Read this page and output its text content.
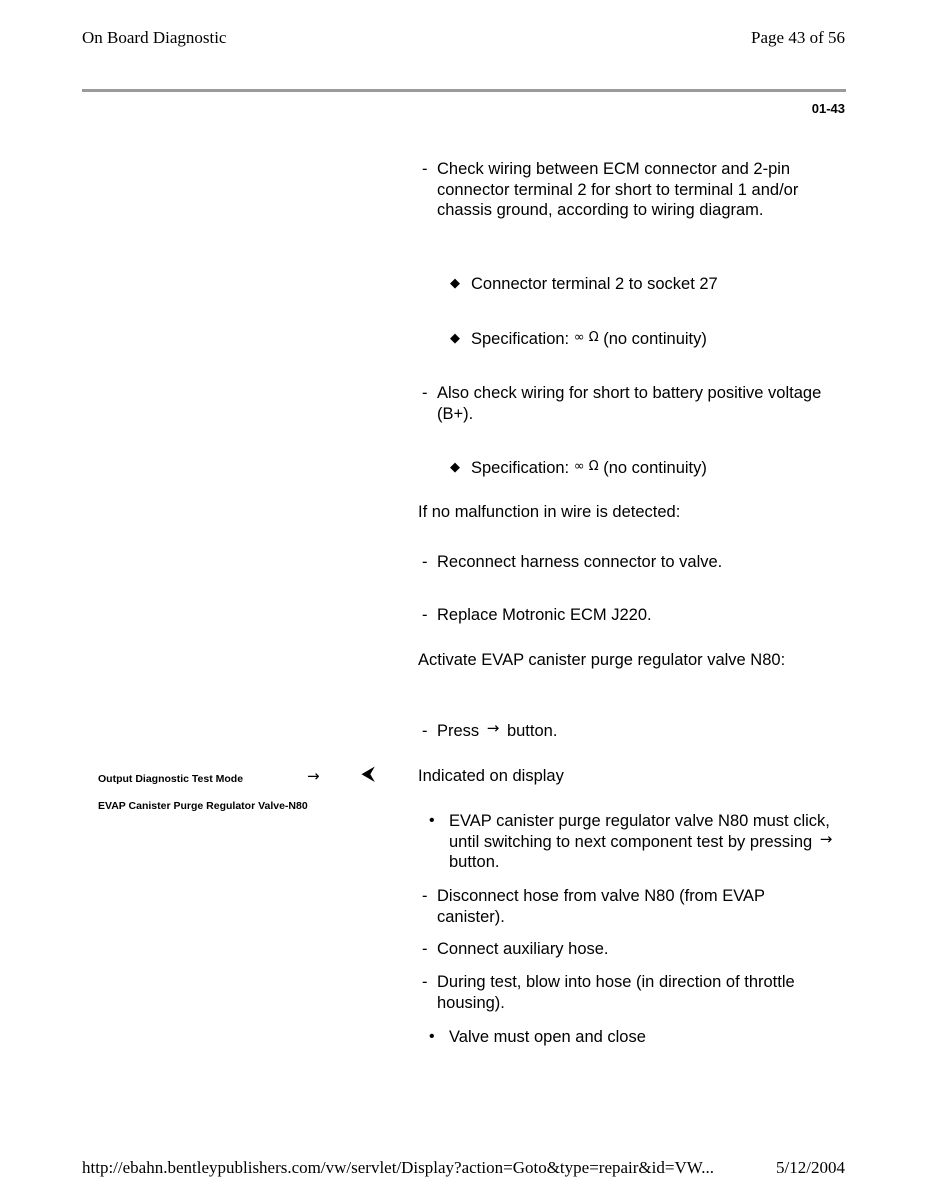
On Board Diagnostic	Page 43 of 56
01-43
- Check wiring between ECM connector and 2-pin connector terminal 2 for short to terminal 1 and/or chassis ground, according to wiring diagram.
◆ Connector terminal 2 to socket 27
◆ Specification: ∞ Ω (no continuity)
- Also check wiring for short to battery positive voltage (B+).
◆ Specification: ∞ Ω (no continuity)
If no malfunction in wire is detected:
- Reconnect harness connector to valve.
- Replace Motronic ECM J220.
Activate EVAP canister purge regulator valve N80:
- Press → button.
Output Diagnostic Test Mode	→ ⮜
EVAP Canister Purge Regulator Valve-N80
Indicated on display
• EVAP canister purge regulator valve N80 must click, until switching to next component test by pressing → button.
- Disconnect hose from valve N80 (from EVAP canister).
- Connect auxiliary hose.
- During test, blow into hose (in direction of throttle housing).
• Valve must open and close
http://ebahn.bentleypublishers.com/vw/servlet/Display?action=Goto&type=repair&id=VW...	5/12/2004
